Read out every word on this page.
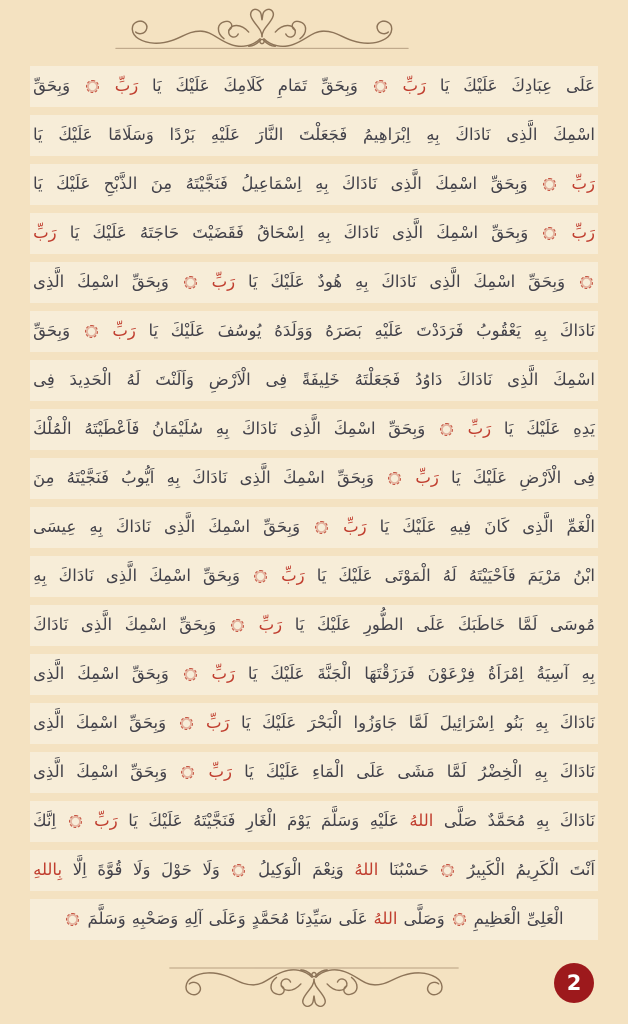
عَلَى
عِبَادِكَ
عَلَيْكَ
يَا
رَبِّ
وَبِحَقِّ
تَمَامِ
كَلَامِكَ
عَلَيْكَ
يَا
رَبِّ
وَبِحَقِّ
اسْمِكَ
الَّذِى
نَادَاكَ
بِهِ
اِبْرَاهِيمُ
فَجَعَلْتَ
النَّارَ
عَلَيْهِ
بَرْدًا
وَسَلَامًا
عَلَيْكَ
يَا
رَبِّ
وَبِحَقِّ
اسْمِكَ
الَّذِى
نَادَاكَ
بِهِ
اِسْمَاعِيلُ
فَنَجَّيْتَهُ
مِنَ
الذَّبْحِ
عَلَيْكَ
يَا
رَبِّ
وَبِحَقِّ
اسْمِكَ
الَّذِى
نَادَاكَ
بِهِ
اِسْحَاقُ
فَقَضَيْتَ
حَاجَتَهُ
عَلَيْكَ
يَا
رَبِّ
وَبِحَقِّ
اسْمِكَ
الَّذِى
نَادَاكَ
بِهِ
هُودٌ
عَلَيْكَ
يَا
رَبِّ
وَبِحَقِّ
اسْمِكَ
الَّذِى
نَادَاكَ
بِهِ
يَعْقُوبُ
فَرَدَدْتَ
عَلَيْهِ
بَصَرَهُ
وَوَلَدَهُ
يُوسُفَ
عَلَيْكَ
يَا
رَبِّ
وَبِحَقِّ
اسْمِكَ
الَّذِى
نَادَاكَ
دَاوُدُ
فَجَعَلْتَهُ
خَلِيفَةً
فِى
الْاَرْضِ
وَاَلَنْتَ
لَهُ
الْحَدِيدَ
فِى
يَدِهِ
عَلَيْكَ
يَا
رَبِّ
وَبِحَقِّ
اسْمِكَ
الَّذِى
نَادَاكَ
بِهِ
سُلَيْمَانُ
فَاَعْطَيْتَهُ
الْمُلْكَ
فِى
الْاَرْضِ
عَلَيْكَ
يَا
رَبِّ
وَبِحَقِّ
اسْمِكَ
الَّذِى
نَادَاكَ
بِهِ
اَيُّوبُ
فَنَجَّيْتَهُ
مِنَ
الْغَمِّ
الَّذِى
كَانَ
فِيهِ
عَلَيْكَ
يَا
رَبِّ
وَبِحَقِّ
اسْمِكَ
الَّذِى
نَادَاكَ
بِهِ
عِيسَى
ابْنُ
مَرْيَمَ
فَاَحْيَيْتَهُ
لَهُ
الْمَوْتَى
عَلَيْكَ
يَا
رَبِّ
وَبِحَقِّ
اسْمِكَ
الَّذِى
نَادَاكَ
بِهِ
مُوسَى
لَمَّا
خَاطَبَكَ
عَلَى
الطُّورِ
عَلَيْكَ
يَا
رَبِّ
وَبِحَقِّ
اسْمِكَ
الَّذِى
نَادَاكَ
بِهِ
آسِيَةُ
اِمْرَاَةُ
فِرْعَوْنَ
فَرَزَقْتَهَا
الْجَنَّةَ
عَلَيْكَ
يَا
رَبِّ
وَبِحَقِّ
اسْمِكَ
الَّذِى
نَادَاكَ
بِهِ
بَنُو
اِسْرَائِيلَ
لَمَّا
جَاوَزُوا
الْبَحْرَ
عَلَيْكَ
يَا
رَبِّ
وَبِحَقِّ
اسْمِكَ
الَّذِى
نَادَاكَ
بِهِ
الْخِضْرُ
لَمَّا
مَشَى
عَلَى
الْمَاءِ
عَلَيْكَ
يَا
رَبِّ
وَبِحَقِّ
اسْمِكَ
الَّذِى
نَادَاكَ
بِهِ
مُحَمَّدٌ
صَلَّى
اللهُ
عَلَيْهِ
وَسَلَّمَ
يَوْمَ
الْغَارِ
فَنَجَّيْتَهُ
عَلَيْكَ
يَا
رَبِّ
اِنَّكَ
اَنْتَ
الْكَرِيمُ
الْكَبِيرُ
حَسْبُنَا
اللهُ
وَنِعْمَ
الْوَكِيلُ
وَلَا
حَوْلَ
وَلَا
قُوَّةَ
اِلَّا
بِاللهِ
الْعَلِىِّ
الْعَظِيمِ
وَصَلَّى
اللهُ
عَلَى
سَيِّدِنَا
مُحَمَّدٍ
وَعَلَى
آلِهِ
وَصَحْبِهِ
وَسَلَّمَ
2
